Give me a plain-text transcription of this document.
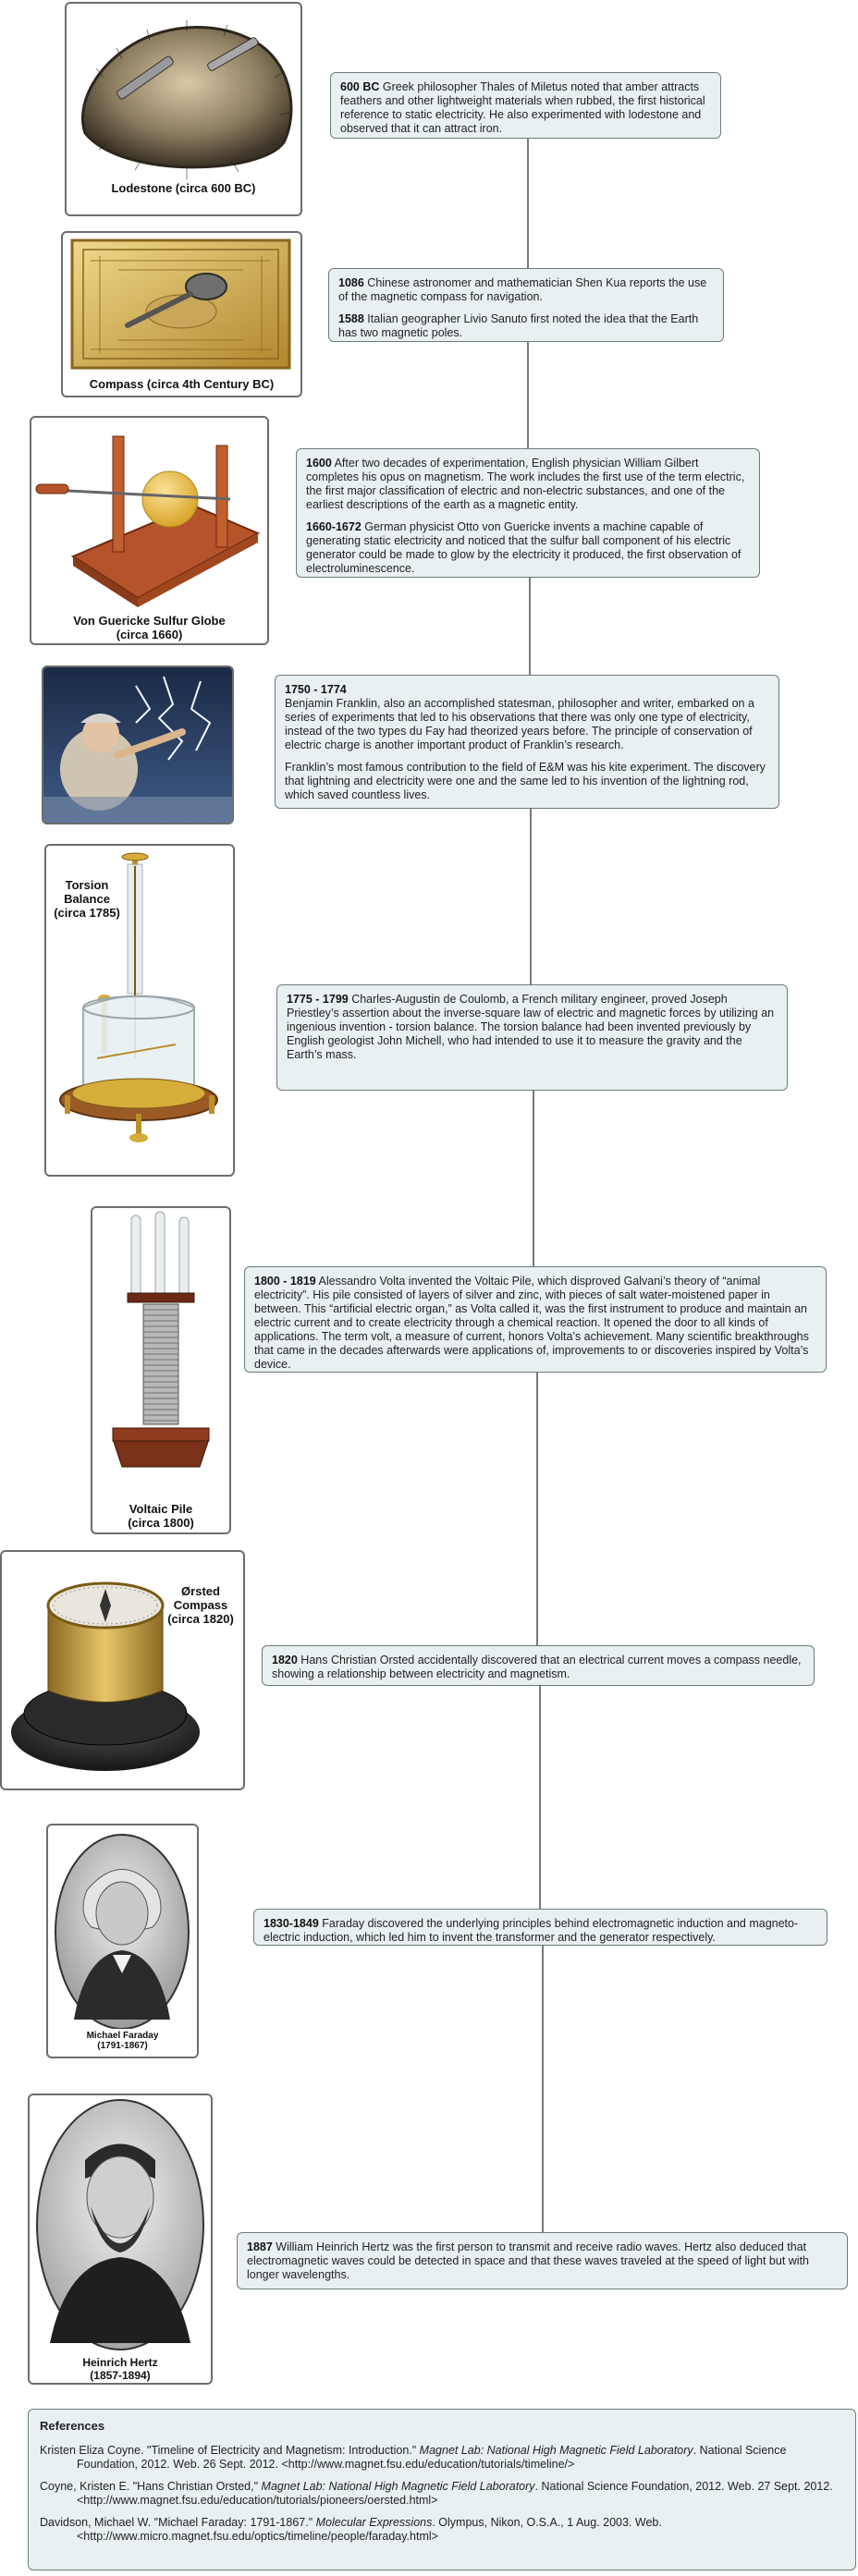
Lodestone (circa 600 BC)

600 BC Greek philosopher Thales of Miletus noted that amber attracts feathers and other lightweight materials when rubbed, the first historical reference to static electricity. He also experimented with lodestone and observed that it can attract iron.

Compass (circa 4th Century BC)

1086 Chinese astronomer and mathematician Shen Kua reports the use of the magnetic compass for navigation.

1588 Italian geographer Livio Sanuto first noted the idea that the Earth has two magnetic poles.

Von Guericke Sulfur Globe
(circa 1660)

1600 After two decades of experimentation, English physician William Gilbert completes his opus on magnetism. The work includes the first use of the term electric, the first major classification of electric and non-electric substances, and one of the earliest descriptions of the earth as a magnetic entity.

1660-1672 German physicist Otto von Guericke invents a machine capable of generating static electricity and noticed that the sulfur ball component of his electric generator could be made to glow by the electricity it produced, the first observation of electroluminescence.

1750 - 1774
Benjamin Franklin, also an accomplished statesman, philosopher and writer, embarked on a series of experiments that led to his observations that there was only one type of electricity, instead of the two types du Fay had theorized years before. The principle of conservation of electric charge is another important product of Franklin’s research.

Franklin’s most famous contribution to the field of E&M was his kite experiment. The discovery that lightning and electricity were one and the same led to his invention of the lightning rod, which saved countless lives.

Torsion
Balance
(circa 1785)

1775 - 1799 Charles-Augustin de Coulomb, a French military engineer, proved Joseph Priestley’s assertion about the inverse-square law of electric and magnetic forces by utilizing an ingenious invention - torsion balance. The torsion balance had been invented previously by English geologist John Michell, who had intended to use it to measure the gravity and the Earth’s mass.

Voltaic Pile
(circa 1800)

1800 - 1819 Alessandro Volta invented the Voltaic Pile, which disproved Galvani’s theory of “animal electricity”. His pile consisted of layers of silver and zinc, with pieces of salt water-moistened paper in between. This “artificial electric organ,” as Volta called it, was the first instrument to produce and maintain an electric current and to create electricity through a chemical reaction. It opened the door to all kinds of applications. The term volt, a measure of current, honors Volta’s achievement. Many scientific breakthroughs that came in the decades afterwards were applications of, improvements to or discoveries inspired by Volta’s device.

Ørsted
Compass
(circa 1820)

1820 Hans Christian Orsted accidentally discovered that an electrical current moves a compass needle, showing a relationship between electricity and magnetism.

Michael Faraday
(1791-1867)

1830-1849 Faraday discovered the underlying principles behind electromagnetic induction and magneto-electric induction, which led him to invent the transformer and the generator respectively.

Heinrich Hertz
(1857-1894)

1887 William Heinrich Hertz was the first person to transmit and receive radio waves. Hertz also deduced that electromagnetic waves could be detected in space and that these waves traveled at the speed of light but with longer wavelengths.

References

Kristen Eliza Coyne. "Timeline of Electricity and Magnetism: Introduction." Magnet Lab: National High Magnetic Field Laboratory. National Science Foundation, 2012. Web. 26 Sept. 2012. <http://www.magnet.fsu.edu/education/tutorials/timeline/>

Coyne, Kristen E. "Hans Christian Orsted," Magnet Lab: National High Magnetic Field Laboratory. National Science Foundation, 2012. Web. 27 Sept. 2012. <http://www.magnet.fsu.edu/education/tutorials/pioneers/oersted.html>

Davidson, Michael W. "Michael Faraday: 1791-1867." Molecular Expressions. Olympus, Nikon, O.S.A., 1 Aug. 2003. Web. <http://www.micro.magnet.fsu.edu/optics/timeline/people/faraday.html>
